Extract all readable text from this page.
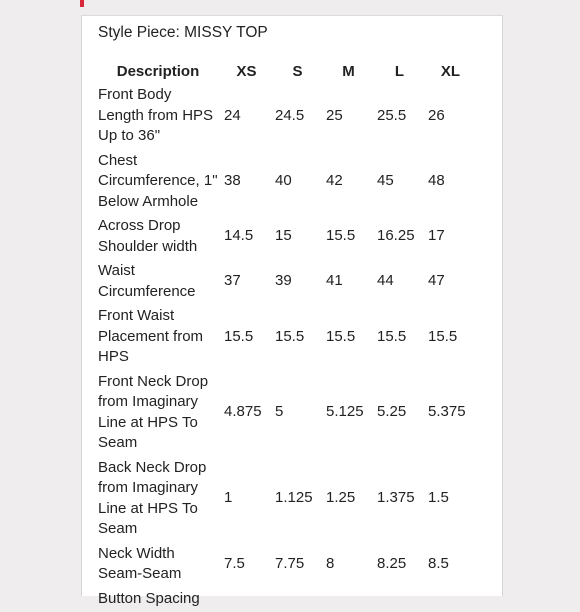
Style Piece: MISSY TOP
Description	XS	S	M	L	XL
Front Body Length from HPS Up to 36"	24	24.5	25	25.5	26
Chest Circumference, 1" Below Armhole	38	40	42	45	48
Across Drop Shoulder width	14.5	15	15.5	16.25	17
Waist Circumference	37	39	41	44	47
Front Waist Placement from HPS	15.5	15.5	15.5	15.5	15.5
Front Neck Drop from Imaginary Line at HPS To Seam	4.875	5	5.125	5.25	5.375
Back Neck Drop from Imaginary Line at HPS To Seam	1	1.125	1.25	1.375	1.5
Neck Width Seam-Seam	7.5	7.75	8	8.25	8.5
Button Spacing					
